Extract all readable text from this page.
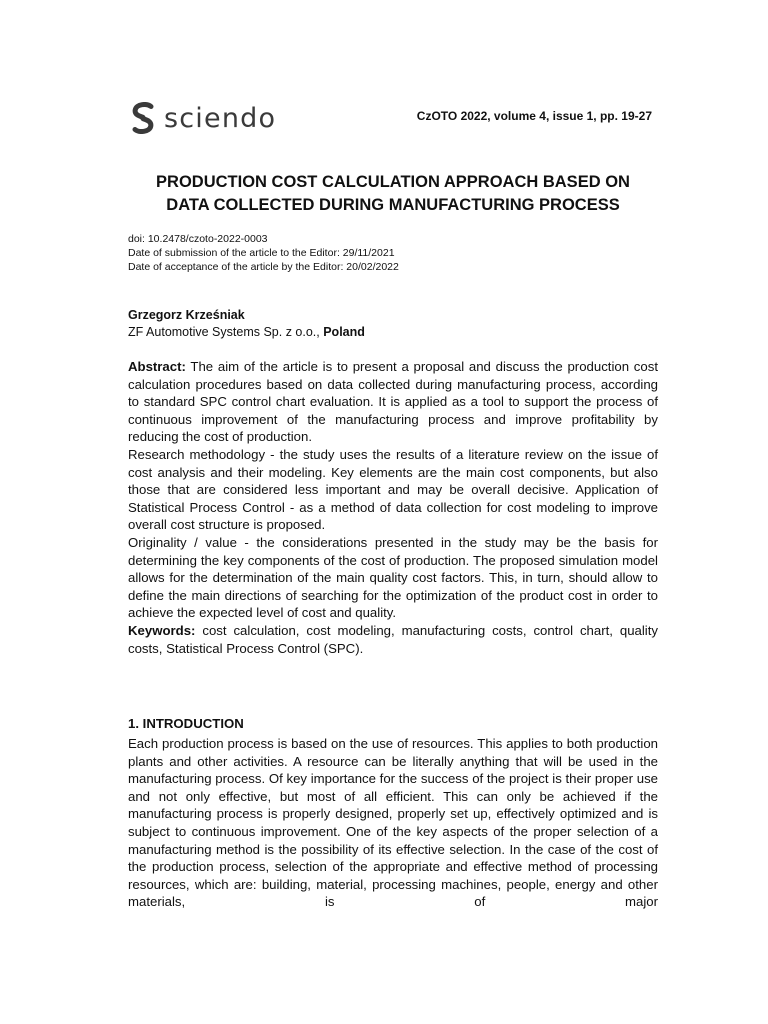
sciendo	CzOTO 2022, volume 4, issue 1, pp. 19-27
PRODUCTION COST CALCULATION APPROACH BASED ON
DATA COLLECTED DURING MANUFACTURING PROCESS
doi: 10.2478/czoto-2022-0003
Date of submission of the article to the Editor: 29/11/2021
Date of acceptance of the article by the Editor: 20/02/2022
Grzegorz Krześniak
ZF Automotive Systems Sp. z o.o., Poland

Abstract: The aim of the article is to present a proposal and discuss the production cost calculation procedures based on data collected during manufacturing process, according to standard SPC control chart evaluation. It is applied as a tool to support the process of continuous improvement of the manufacturing process and improve profitability by reducing the cost of production.

Research methodology - the study uses the results of a literature review on the issue of cost analysis and their modeling. Key elements are the main cost components, but also those that are considered less important and may be overall decisive. Application of Statistical Process Control - as a method of data collection for cost modeling to improve overall cost structure is proposed.

Originality / value - the considerations presented in the study may be the basis for determining the key components of the cost of production. The proposed simulation model allows for the determination of the main quality cost factors. This, in turn, should allow to define the main directions of searching for the optimization of the product cost in order to achieve the expected level of cost and quality.

Keywords: cost calculation, cost modeling, manufacturing costs, control chart, quality costs, Statistical Process Control (SPC).

1. INTRODUCTION

Each production process is based on the use of resources. This applies to both production plants and other activities. A resource can be literally anything that will be used in the manufacturing process. Of key importance for the success of the project is their proper use and not only effective, but most of all efficient. This can only be achieved if the manufacturing process is properly designed, properly set up, effectively optimized and is subject to continuous improvement. One of the key aspects of the proper selection of a manufacturing method is the possibility of its effective selection. In the case of the cost of the production process, selection of the appropriate and effective method of processing resources, which are: building, material, processing machines, people, energy and other materials, is of major
